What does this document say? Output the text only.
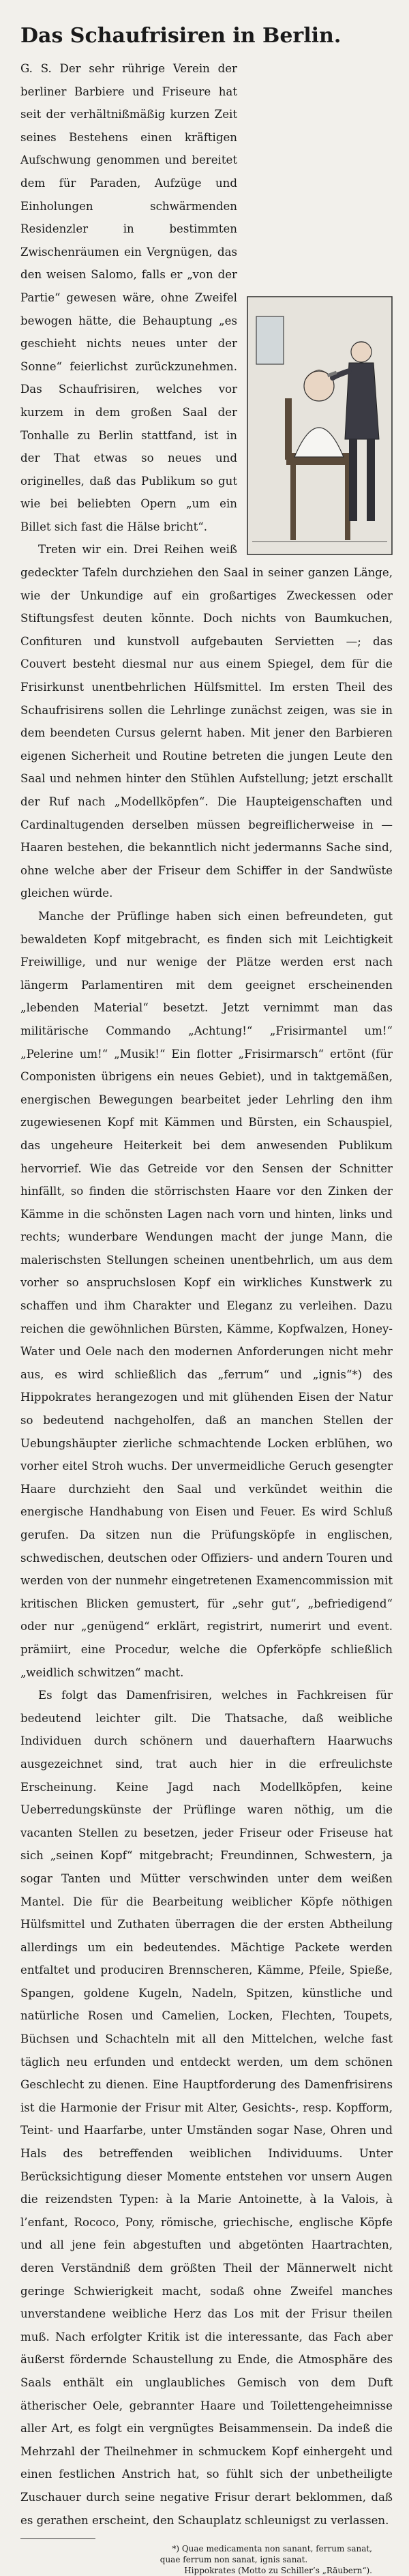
Das Schaufrisiren in Berlin.

G. S. Der sehr rührige Verein der berliner Barbiere und Friseure hat seit der verhältnißmäßig kurzen Zeit seines Bestehens einen kräftigen Aufschwung genommen und bereitet dem für Paraden, Aufzüge und Einholungen schwärmenden Residenzler in bestimmten Zwischenräumen ein Vergnügen, das den weisen Salomo, falls er „von der Partie“ gewesen wäre, ohne Zweifel bewogen hätte, die Behauptung „es geschieht nichts neues unter der Sonne“ feierlichst zurückzunehmen. Das Schaufrisiren, welches vor kurzem in dem großen Saal der Tonhalle zu Berlin stattfand, ist in der That etwas so neues und originelles, daß das Publikum so gut wie bei beliebten Opern „um ein Billet sich fast die Hälse bricht“.

Treten wir ein. Drei Reihen weiß gedeckter Tafeln durchziehen den Saal in seiner ganzen Länge, wie der Unkundige auf ein großartiges Zweckessen oder Stiftungsfest deuten könnte. Doch nichts von Baumkuchen, Confituren und kunstvoll aufgebauten Servietten —; das Couvert besteht diesmal nur aus einem Spiegel, dem für die Frisirkunst unentbehrlichen Hülfsmittel. Im ersten Theil des Schaufrisirens sollen die Lehrlinge zunächst zeigen, was sie in dem beendeten Cursus gelernt haben. Mit jener den Barbieren eigenen Sicherheit und Routine betreten die jungen Leute den Saal und nehmen hinter den Stühlen Aufstellung; jetzt erschallt der Ruf nach „Modellköpfen“. Die Haupteigenschaften und Cardinaltugenden derselben müssen begreiflicherweise in — Haaren bestehen, die bekanntlich nicht jedermanns Sache sind, ohne welche aber der Friseur dem Schiffer in der Sandwüste gleichen würde.

Manche der Prüflinge haben sich einen befreundeten, gut bewaldeten Kopf mitgebracht, es finden sich mit Leichtigkeit Freiwillige, und nur wenige der Plätze werden erst nach längerm Parlamentiren mit dem geeignet erscheinenden „lebenden Material“ besetzt. Jetzt vernimmt man das militärische Commando „Achtung!“ „Frisirmantel um!“ „Pelerine um!“ „Musik!“ Ein flotter „Frisirmarsch“ ertönt (für Componisten übrigens ein neues Gebiet), und in taktgemäßen, energischen Bewegungen bearbeitet jeder Lehrling den ihm zugewiesenen Kopf mit Kämmen und Bürsten, ein Schauspiel, das ungeheure Heiterkeit bei dem anwesenden Publikum hervorrief. Wie das Getreide vor den Sensen der Schnitter hinfällt, so finden die störrischsten Haare vor den Zinken der Kämme in die schönsten Lagen nach vorn und hinten, links und rechts; wunderbare Wendungen macht der junge Mann, die malerischsten Stellungen scheinen unentbehrlich, um aus dem vorher so anspruchslosen Kopf ein wirkliches Kunstwerk zu schaffen und ihm Charakter und Eleganz zu verleihen. Dazu reichen die gewöhnlichen Bürsten, Kämme, Kopfwalzen, Honey-Water und Oele nach den modernen Anforderungen nicht mehr aus, es wird schließlich das „ferrum“ und „ignis“*) des Hippokrates herangezogen und mit glühenden Eisen der Natur so bedeutend nachgeholfen, daß an manchen Stellen der Uebungshäupter zierliche schmachtende Locken erblühen, wo vorher eitel Stroh wuchs. Der unvermeidliche Geruch gesengter Haare durchzieht den Saal und verkündet weithin die energische Handhabung von Eisen und Feuer. Es wird Schluß gerufen. Da sitzen nun die Prüfungsköpfe in englischen, schwedischen, deutschen oder Offiziers- und andern Touren und werden von der nunmehr eingetretenen Examencommission mit kritischen Blicken gemustert, für „sehr gut“, „befriedigend“ oder nur „genügend“ erklärt, registrirt, numerirt und event. prämiirt, eine Procedur, welche die Opferköpfe schließlich „weidlich schwitzen“ macht.

Es folgt das Damenfrisiren, welches in Fachkreisen für bedeutend leichter gilt. Die Thatsache, daß weibliche Individuen durch schönern und dauerhaftern Haarwuchs ausgezeichnet sind, trat auch hier in die erfreulichste Erscheinung. Keine Jagd nach Modellköpfen, keine Ueberredungskünste der Prüflinge waren nöthig, um die vacanten Stellen zu besetzen, jeder Friseur oder Friseuse hat sich „seinen Kopf“ mitgebracht; Freundinnen, Schwestern, ja sogar Tanten und Mütter verschwinden unter dem weißen Mantel. Die für die Bearbeitung weiblicher Köpfe nöthigen Hülfsmittel und Zuthaten überragen die der ersten Abtheilung allerdings um ein bedeutendes. Mächtige Packete werden entfaltet und produciren Brennscheren, Kämme, Pfeile, Spieße, Spangen, goldene Kugeln, Nadeln, Spitzen, künstliche und natürliche Rosen und Camelien, Locken, Flechten, Toupets, Büchsen und Schachteln mit all den Mittelchen, welche fast täglich neu erfunden und entdeckt werden, um dem schönen Geschlecht zu dienen. Eine Hauptforderung des Damenfrisirens ist die Harmonie der Frisur mit Alter, Gesichts-, resp. Kopfform, Teint- und Haarfarbe, unter Umständen sogar Nase, Ohren und Hals des betreffenden weiblichen Individuums. Unter Berücksichtigung dieser Momente entstehen vor unsern Augen die reizendsten Typen: à la Marie Antoinette, à la Valois, à l’enfant, Rococo, Pony, römische, griechische, englische Köpfe und all jene fein abgestuften und abgetönten Haartrachten, deren Verständniß dem größten Theil der Männerwelt nicht geringe Schwierigkeit macht, sodaß ohne Zweifel manches unverstandene weibliche Herz das Los mit der Frisur theilen muß. Nach erfolgter Kritik ist die interessante, das Fach aber äußerst fördernde Schaustellung zu Ende, die Atmosphäre des Saals enthält ein unglaubliches Gemisch von dem Duft ätherischer Oele, gebrannter Haare und Toilettengeheimnisse aller Art, es folgt ein vergnügtes Beisammensein. Da indeß die Mehrzahl der Theilnehmer in schmuckem Kopf einhergeht und einen festlichen Anstrich hat, so fühlt sich der unbetheiligte Zuschauer durch seine negative Frisur derart beklommen, daß es gerathen erscheint, den Schauplatz schleunigst zu verlassen.

*) Quae medicamenta non sanant, ferrum sanat,
quae ferrum non sanat, ignis sanat.
Hippokrates (Motto zu Schiller’s „Räubern“).
